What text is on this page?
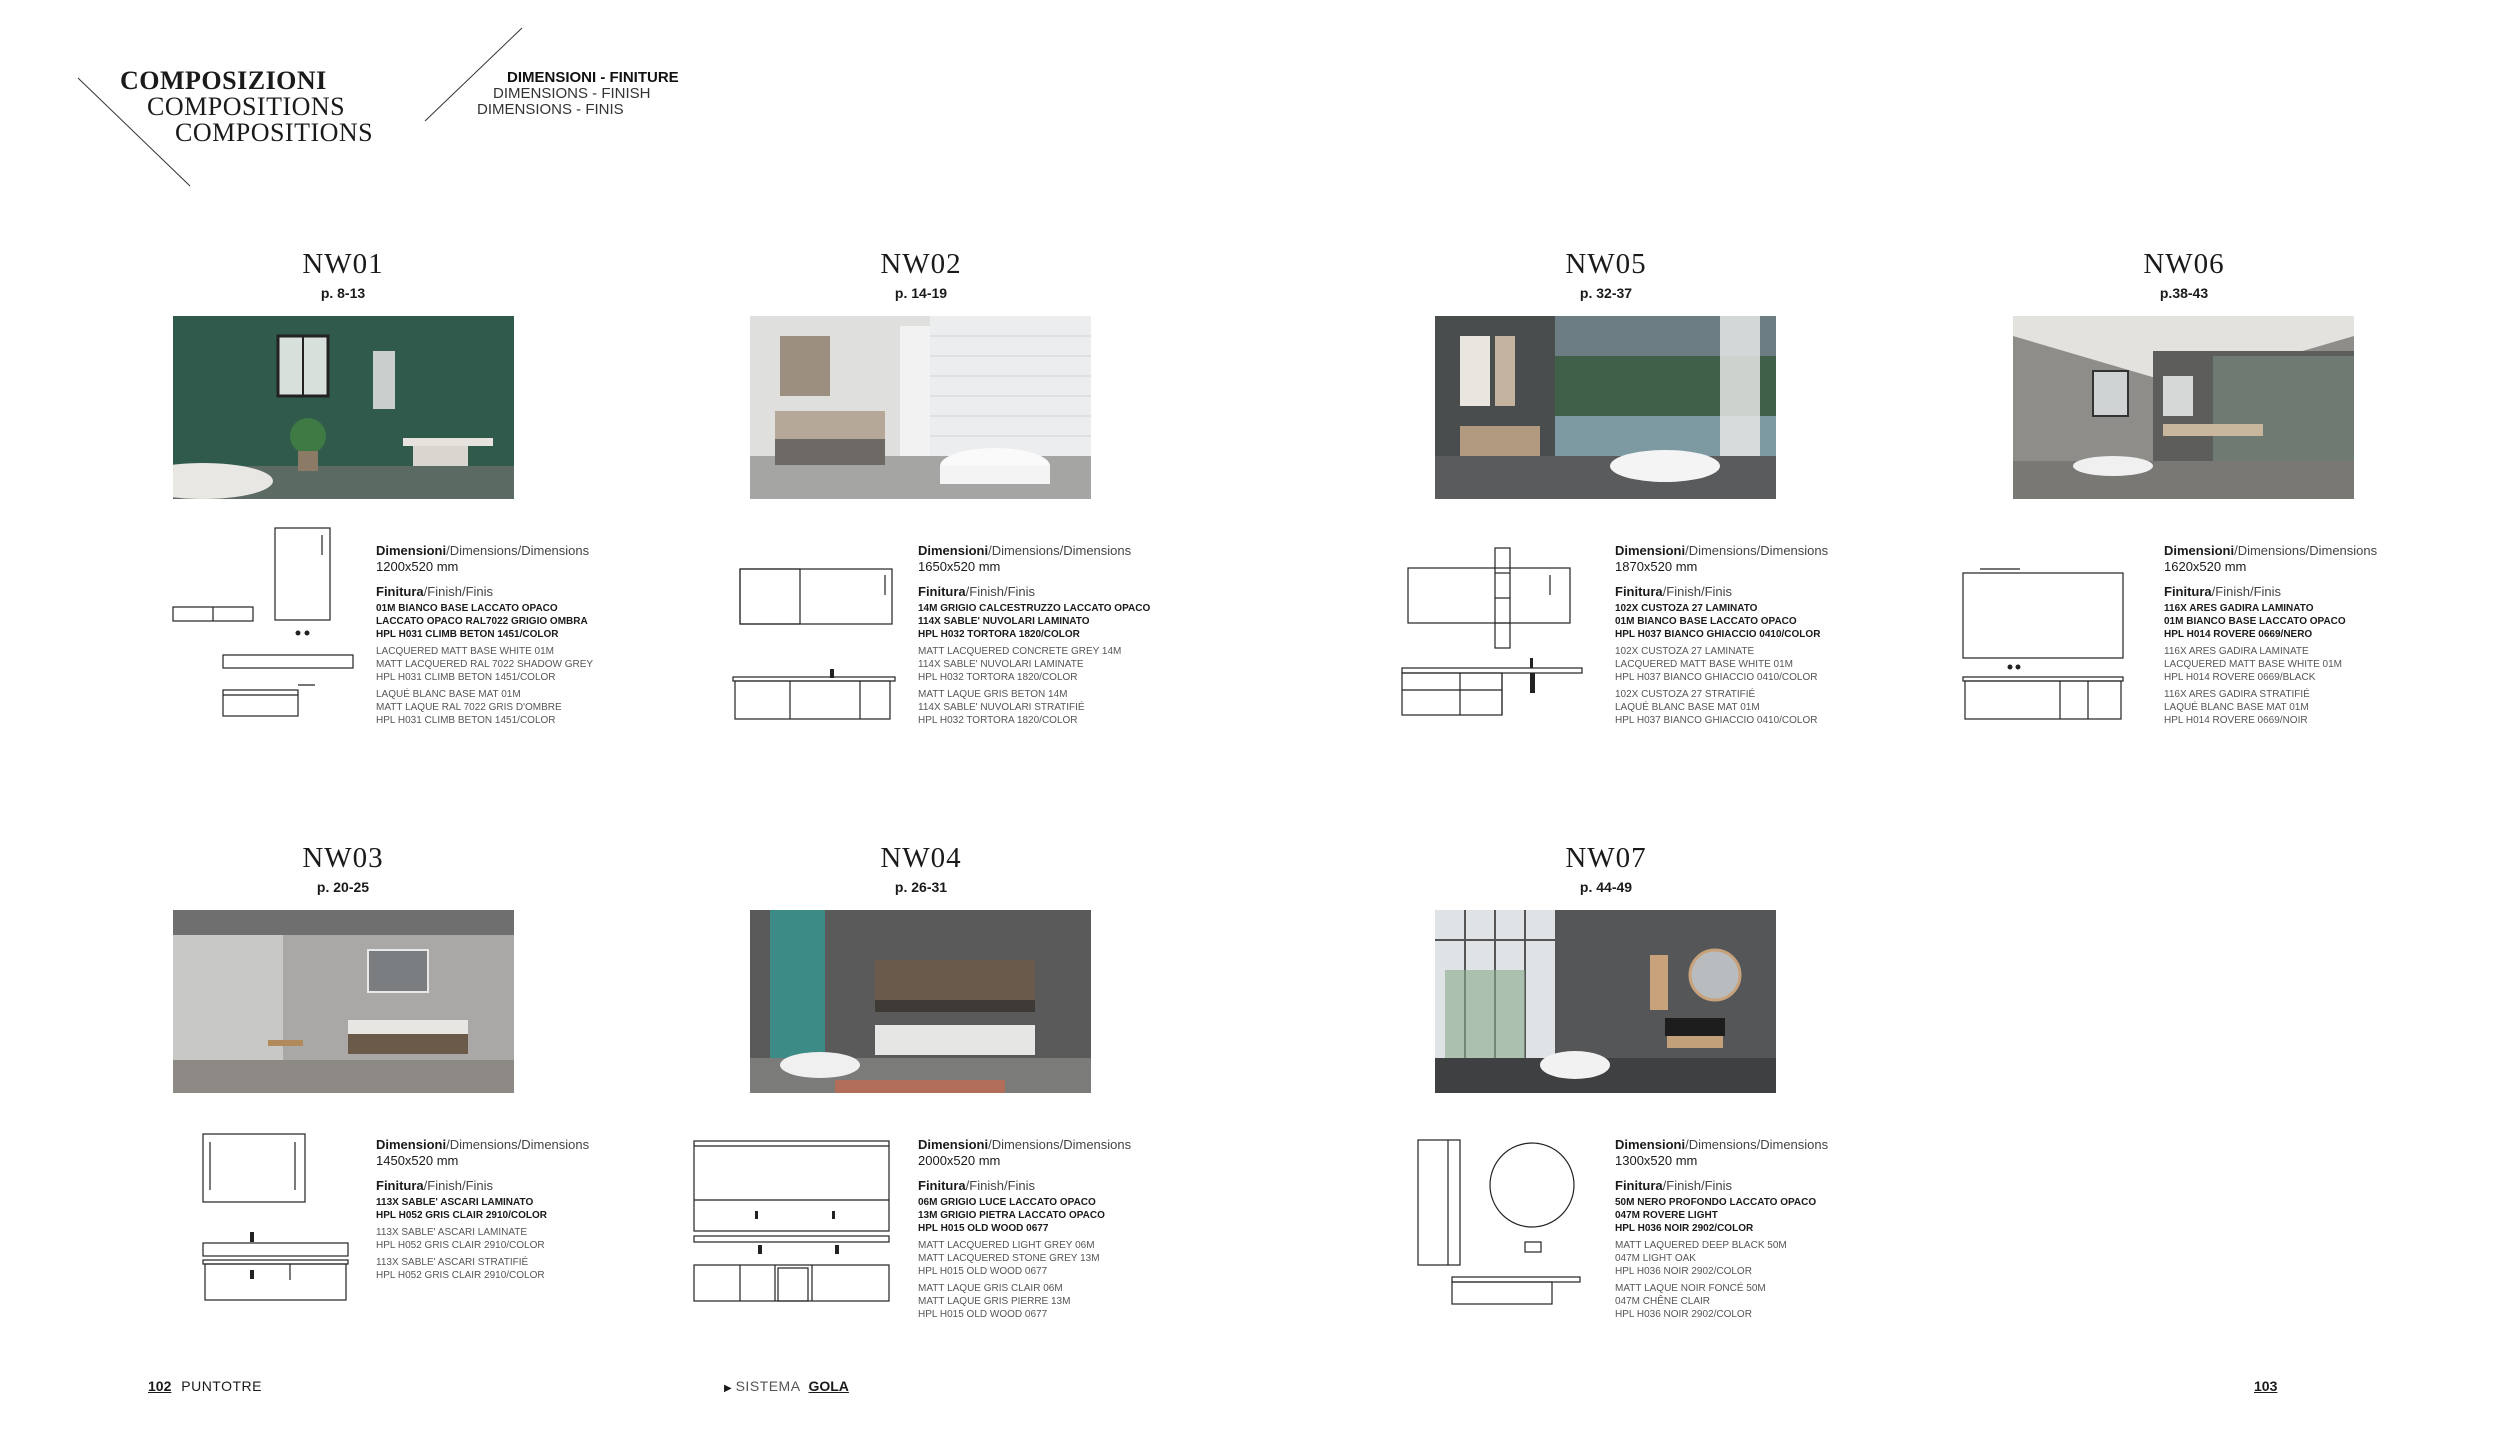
COMPOSIZIONI
COMPOSITIONS
COMPOSITIONS
DIMENSIONI - FINITURE
DIMENSIONS - FINISH
DIMENSIONS - FINIS
NW01
p. 8-13
Dimensioni/Dimensions/Dimensions
1200x520 mm
Finitura/Finish/Finis
01M BIANCO BASE LACCATO OPACO
LACCATO OPACO RAL7022 GRIGIO OMBRA
HPL H031 CLIMB BETON 1451/COLOR
LACQUERED MATT BASE WHITE 01M
MATT LACQUERED RAL 7022 SHADOW GREY
HPL H031 CLIMB BETON 1451/COLOR
LAQUÉ BLANC BASE MAT 01M
MATT LAQUE RAL 7022 GRIS D'OMBRE
HPL H031 CLIMB BETON 1451/COLOR
NW02
p. 14-19
Dimensioni/Dimensions/Dimensions
1650x520 mm
Finitura/Finish/Finis
14M GRIGIO CALCESTRUZZO LACCATO OPACO
114X SABLE' NUVOLARI LAMINATO
HPL H032 TORTORA 1820/COLOR
MATT LACQUERED CONCRETE GREY 14M
114X SABLE' NUVOLARI LAMINATE
HPL H032 TORTORA 1820/COLOR
MATT LAQUE GRIS BETON 14M
114X SABLE' NUVOLARI STRATIFIÉ
HPL H032 TORTORA 1820/COLOR
NW05
p. 32-37
Dimensioni/Dimensions/Dimensions
1870x520 mm
Finitura/Finish/Finis
102X CUSTOZA 27 LAMINATO
01M BIANCO BASE LACCATO OPACO
HPL H037 BIANCO GHIACCIO 0410/COLOR
102X CUSTOZA 27 LAMINATE
LACQUERED MATT BASE WHITE 01M
HPL H037 BIANCO GHIACCIO 0410/COLOR
102X CUSTOZA 27 STRATIFIÉ
LAQUÉ BLANC BASE MAT 01M
HPL H037 BIANCO GHIACCIO 0410/COLOR
NW06
p.38-43
Dimensioni/Dimensions/Dimensions
1620x520 mm
Finitura/Finish/Finis
116X ARES GADIRA LAMINATO
01M BIANCO BASE LACCATO OPACO
HPL H014 ROVERE 0669/NERO
116X ARES GADIRA LAMINATE
LACQUERED MATT BASE WHITE 01M
HPL H014 ROVERE 0669/BLACK
116X ARES GADIRA STRATIFIÉ
LAQUÉ BLANC BASE MAT 01M
HPL H014 ROVERE 0669/NOIR
NW03
p. 20-25
Dimensioni/Dimensions/Dimensions
1450x520 mm
Finitura/Finish/Finis
113X SABLE' ASCARI LAMINATO
HPL H052 GRIS CLAIR 2910/COLOR
113X SABLE' ASCARI LAMINATE
HPL H052 GRIS CLAIR 2910/COLOR
113X SABLE' ASCARI STRATIFIÉ
HPL H052 GRIS CLAIR 2910/COLOR
NW04
p. 26-31
Dimensioni/Dimensions/Dimensions
2000x520 mm
Finitura/Finish/Finis
06M GRIGIO LUCE LACCATO OPACO
13M GRIGIO PIETRA LACCATO OPACO
HPL H015 OLD WOOD 0677
MATT LACQUERED LIGHT GREY 06M
MATT LACQUERED STONE GREY 13M
HPL H015 OLD WOOD 0677
MATT LAQUE GRIS CLAIR 06M
MATT LAQUE GRIS PIERRE 13M
HPL H015 OLD WOOD 0677
NW07
p. 44-49
Dimensioni/Dimensions/Dimensions
1300x520 mm
Finitura/Finish/Finis
50M NERO PROFONDO LACCATO OPACO
047M ROVERE LIGHT
HPL H036 NOIR 2902/COLOR
MATT LAQUERED DEEP BLACK 50M
047M LIGHT OAK
HPL H036 NOIR 2902/COLOR
MATT LAQUE NOIR FONCÉ 50M
047M CHÊNE CLAIR
HPL H036 NOIR 2902/COLOR
102 PUNTOTRE	▶ SISTEMA GOLA	103
